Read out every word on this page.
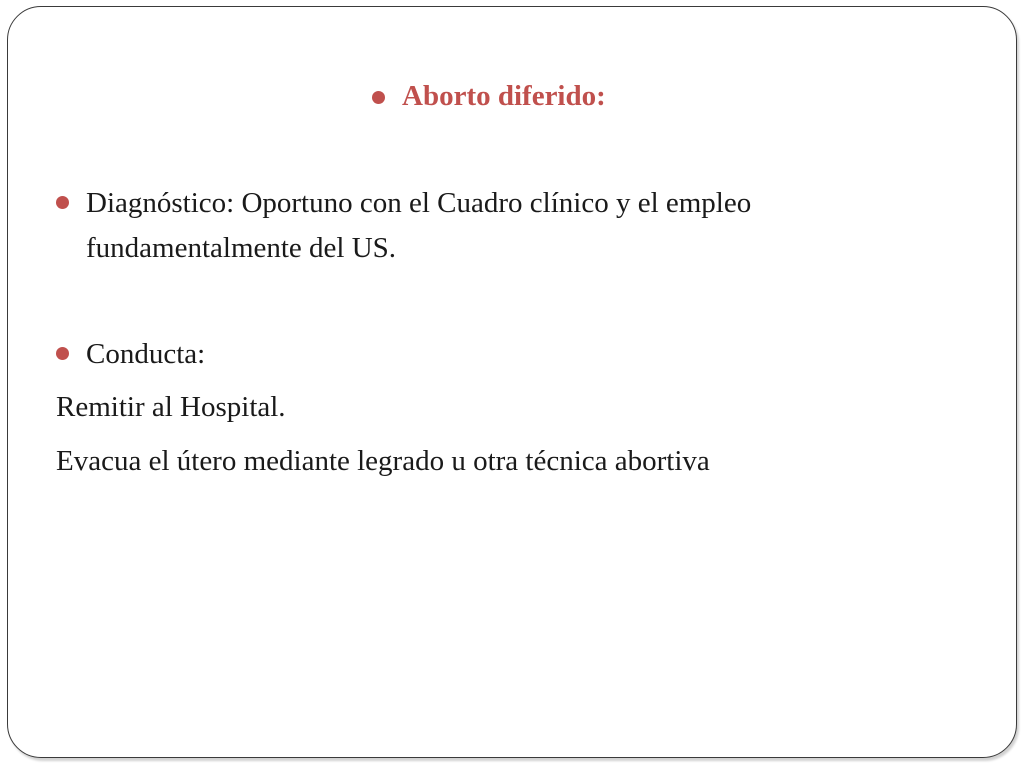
Aborto diferido:
Diagnóstico: Oportuno con el Cuadro clínico y el empleo
fundamentalmente del US.
Conducta:
Remitir al Hospital.
Evacua el útero mediante legrado u otra técnica abortiva
